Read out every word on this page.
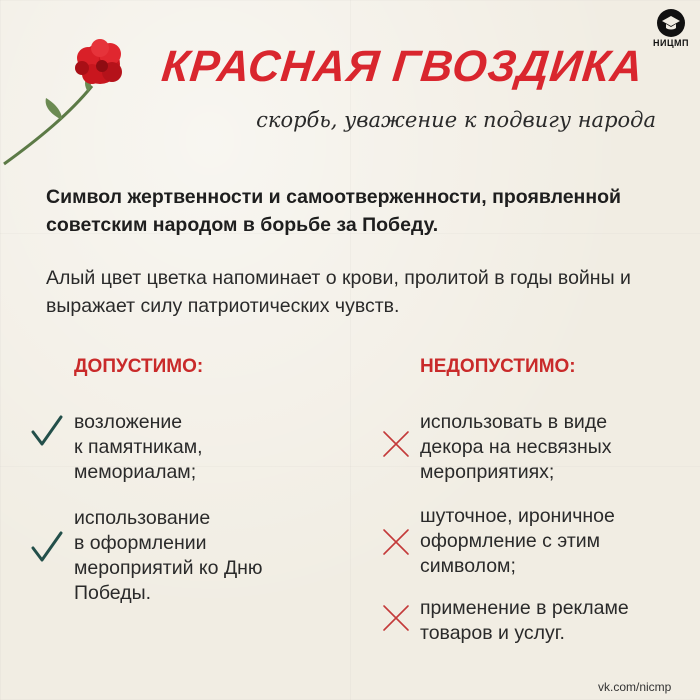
КРАСНАЯ ГВОЗДИКА
скорбь, уважение к подвигу народа
НИЦМП
Символ жертвенности и самоотверженности, проявленной советским народом в борьбе за Победу.
Алый цвет цветка напоминает о крови, пролитой в годы войны и выражает силу патриотических чувств.
ДОПУСТИМО:	НЕДОПУСТИМО:
возложение
к памятникам,
мемориалам;
использование
в оформлении
мероприятий ко Дню
Победы.
использовать в виде
декора на несвязных
мероприятиях;
шуточное, ироничное
оформление с этим
символом;
применение в рекламе
товаров и услуг.
vk.com/nicmp
